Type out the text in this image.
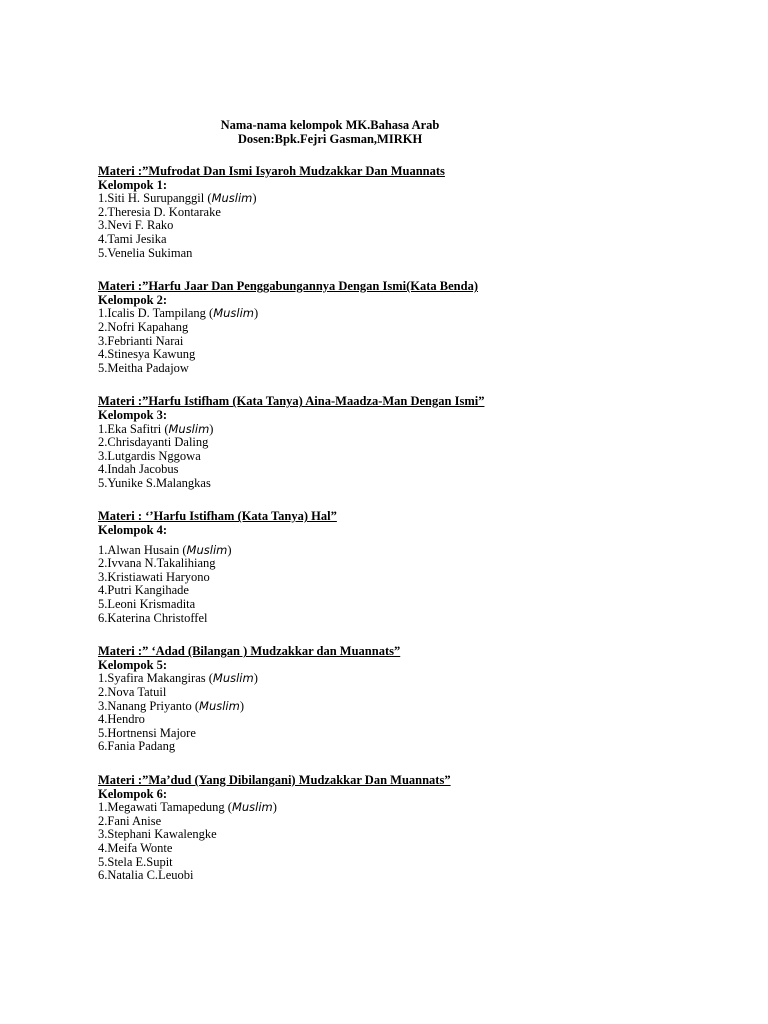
Nama-nama kelompok MK.Bahasa Arab
Dosen:Bpk.Fejri Gasman,MIRKH

Materi :”Mufrodat Dan Ismi Isyaroh Mudzakkar Dan Muannats

Kelompok 1:

1.Siti H. Surupanggil (Muslim)
2.Theresia D. Kontarake
3.Nevi F. Rako
4.Tami Jesika
5.Venelia Sukiman

Materi :”Harfu Jaar Dan Penggabungannya Dengan Ismi(Kata Benda)

Kelompok 2:

1.Icalis D. Tampilang (Muslim)
2.Nofri Kapahang
3.Febrianti Narai
4.Stinesya Kawung
5.Meitha Padajow

Materi :”Harfu Istifham (Kata Tanya) Aina-Maadza-Man Dengan Ismi”

Kelompok 3:

1.Eka Safitri (Muslim)
2.Chrisdayanti Daling
3.Lutgardis Nggowa
4.Indah Jacobus
5.Yunike S.Malangkas

Materi : ‘’Harfu Istifham (Kata Tanya) Hal”

Kelompok 4:

1.Alwan Husain (Muslim)
2.Ivvana N.Takalihiang
3.Kristiawati Haryono
4.Putri Kangihade
5.Leoni Krismadita
6.Katerina Christoffel

Materi :” ‘Adad (Bilangan ) Mudzakkar dan Muannats”

Kelompok 5:

1.Syafira Makangiras (Muslim)
2.Nova Tatuil
3.Nanang Priyanto (Muslim)
4.Hendro
5.Hortnensi Majore
6.Fania Padang

Materi :”Ma’dud (Yang Dibilangani) Mudzakkar Dan Muannats”

Kelompok 6:

1.Megawati Tamapedung (Muslim)
2.Fani Anise
3.Stephani Kawalengke
4.Meifa Wonte
5.Stela E.Supit
6.Natalia C.Leuobi
